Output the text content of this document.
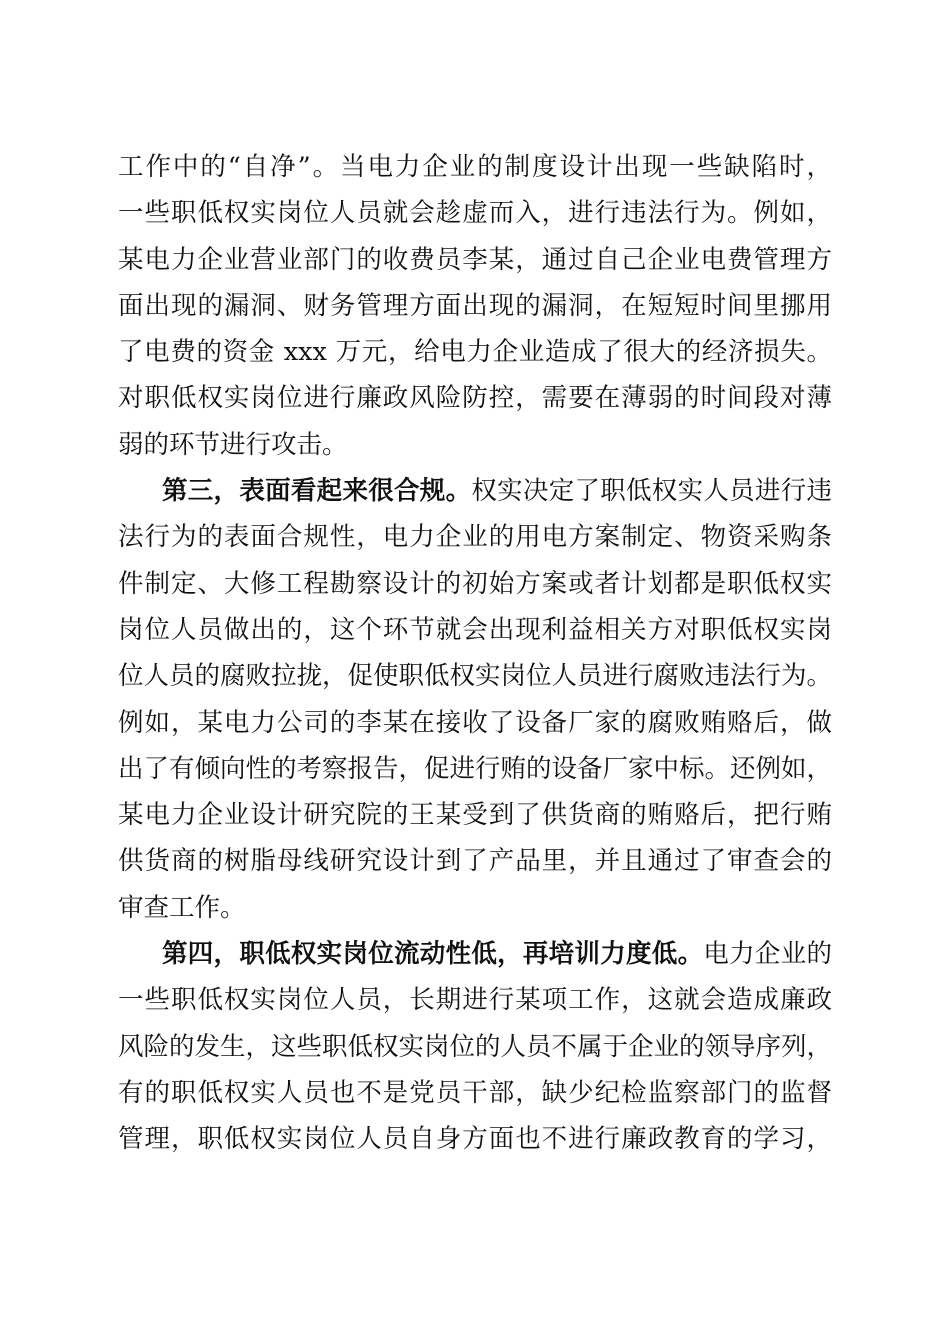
工作中的“自净”。当电力企业的制度设计出现一些缺陷时，
一些职低权实岗位人员就会趁虚而入，进行违法行为。例如，
某电力企业营业部门的收费员李某，通过自己企业电费管理方
面出现的漏洞、财务管理方面出现的漏洞，在短短时间里挪用
了电费的资金 xxx 万元，给电力企业造成了很大的经济损失。
对职低权实岗位进行廉政风险防控，需要在薄弱的时间段对薄
弱的环节进行攻击。
第三，表面看起来很合规。权实决定了职低权实人员进行违
法行为的表面合规性，电力企业的用电方案制定、物资采购条
件制定、大修工程勘察设计的初始方案或者计划都是职低权实
岗位人员做出的，这个环节就会出现利益相关方对职低权实岗
位人员的腐败拉拢，促使职低权实岗位人员进行腐败违法行为。
例如，某电力公司的李某在接收了设备厂家的腐败贿赂后，做
出了有倾向性的考察报告，促进行贿的设备厂家中标。还例如，
某电力企业设计研究院的王某受到了供货商的贿赂后，把行贿
供货商的树脂母线研究设计到了产品里，并且通过了审查会的
审查工作。
第四，职低权实岗位流动性低，再培训力度低。电力企业的
一些职低权实岗位人员，长期进行某项工作，这就会造成廉政
风险的发生，这些职低权实岗位的人员不属于企业的领导序列，
有的职低权实人员也不是党员干部，缺少纪检监察部门的监督
管理，职低权实岗位人员自身方面也不进行廉政教育的学习，
